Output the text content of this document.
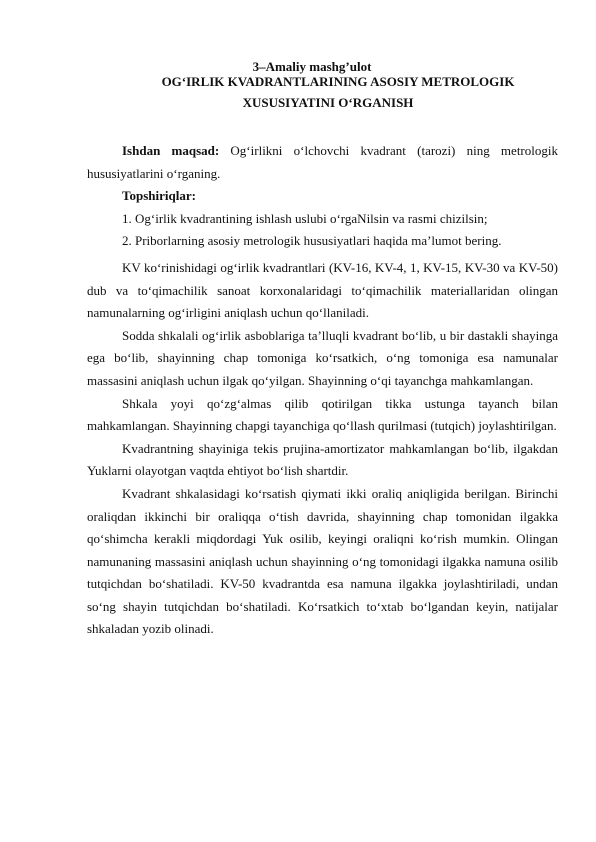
3–Amaliy mashg’ulot
OG‘IRLIK KVADRANTLARINING ASOSIY METROLOGIK
XUSUSIYATINI O‘RGANISH

Ishdan maqsad: Og‘irlikni o‘lchovchi kvadrant (tarozi) ning metrologik hususiyatlarini o‘rganing.

Topshiriqlar:

1. Og‘irlik kvadrantining ishlash uslubi o‘rgaNilsin va rasmi chizilsin;

2. Priborlarning asosiy metrologik hususiyatlari haqida ma’lumot bering.

KV ko‘rinishidagi og‘irlik kvadrantlari (KV-16, KV-4, 1, KV-15, KV-30 va KV-50) dub va to‘qimachilik sanoat korxonalaridagi to‘qimachilik materiallaridan olingan namunalarning og‘irligini aniqlash uchun qo‘llaniladi.

Sodda shkalali og‘irlik asboblariga ta’lluqli kvadrant bo‘lib, u bir dastakli shayinga ega bo‘lib, shayinning chap tomoniga ko‘rsatkich, o‘ng tomoniga esa namunalar massasini aniqlash uchun ilgak qo‘yilgan. Shayinning o‘qi tayanchga mahkamlangan.

Shkala yoyi qo‘zg‘almas qilib qotirilgan tikka ustunga tayanch bilan mahkamlangan. Shayinning chapgi tayanchiga qo‘llash qurilmasi (tutqich) joylashtirilgan.

Kvadrantning shayiniga tekis prujina-amortizator mahkamlangan bo‘lib, ilgakdan Yuklarni olayotgan vaqtda ehtiyot bo‘lish shartdir.

Kvadrant shkalasidagi ko‘rsatish qiymati ikki oraliq aniqligida berilgan. Birinchi oraliqdan ikkinchi bir oraliqqa o‘tish davrida, shayinning chap tomonidan ilgakka qo‘shimcha kerakli miqdordagi Yuk osilib, keyingi oraliqni ko‘rish mumkin. Olingan namunaning massasini aniqlash uchun shayinning o‘ng tomonidagi ilgakka namuna osilib tutqichdan bo‘shatiladi. KV-50 kvadrantda esa namuna ilgakka joylashtiriladi, undan so‘ng shayin tutqichdan bo‘shatiladi. Ko‘rsatkich to‘xtab bo‘lgandan keyin, natijalar shkaladan yozib olinadi.
